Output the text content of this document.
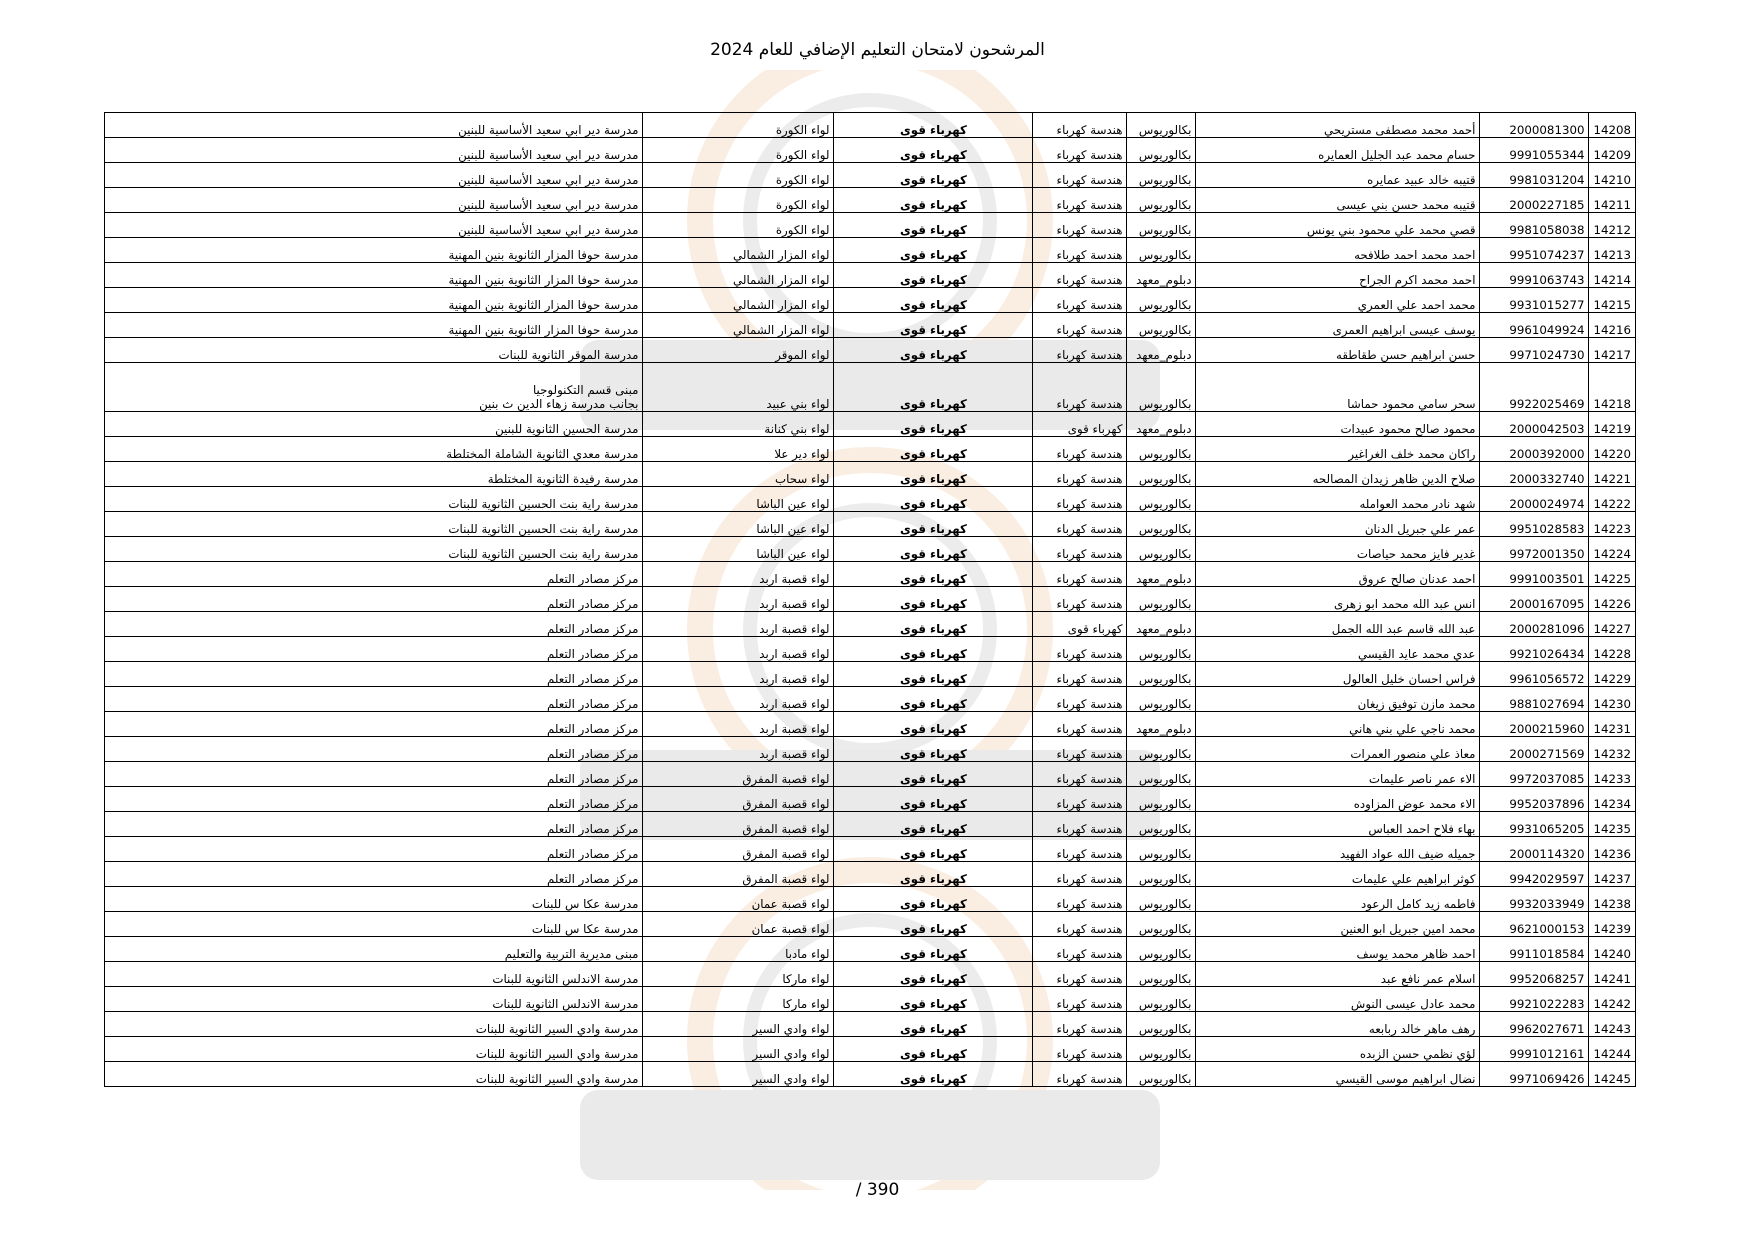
المرشحون لامتحان التعليم الإضافي للعام 2024
14208	2000081300	أحمد محمد مصطفى مستريحي	بكالوريوس	هندسة كهرباء	كهرباء قوى	لواء الكورة	مدرسة دير ابي سعيد الأساسية للبنين

14209	9991055344	حسام محمد عبد الجليل العمايره	بكالوريوس	هندسة كهرباء	كهرباء قوى	لواء الكورة	مدرسة دير ابي سعيد الأساسية للبنين

14210	9981031204	قتيبه خالد عبيد عمايره	بكالوريوس	هندسة كهرباء	كهرباء قوى	لواء الكورة	مدرسة دير ابي سعيد الأساسية للبنين

14211	2000227185	قتيبه محمد حسن بني عيسى	بكالوريوس	هندسة كهرباء	كهرباء قوى	لواء الكورة	مدرسة دير ابي سعيد الأساسية للبنين

14212	9981058038	قصي محمد علي محمود بني يونس	بكالوريوس	هندسة كهرباء	كهرباء قوى	لواء الكورة	مدرسة دير ابي سعيد الأساسية للبنين

14213	9951074237	احمد محمد احمد طلافحه	بكالوريوس	هندسة كهرباء	كهرباء قوى	لواء المزار الشمالي	مدرسة حوفا المزار الثانوية بنين المهنية

14214	9991063743	احمد محمد اكرم الجراح	دبلوم_معهد	هندسة كهرباء	كهرباء قوى	لواء المزار الشمالي	مدرسة حوفا المزار الثانوية بنين المهنية

14215	9931015277	محمد احمد علي العمري	بكالوريوس	هندسة كهرباء	كهرباء قوى	لواء المزار الشمالي	مدرسة حوفا المزار الثانوية بنين المهنية

14216	9961049924	يوسف عيسى ابراهيم العمرى	بكالوريوس	هندسة كهرباء	كهرباء قوى	لواء المزار الشمالي	مدرسة حوفا المزار الثانوية بنين المهنية

14217	9971024730	حسن ابراهيم حسن طقاطقه	دبلوم_معهد	هندسة كهرباء	كهرباء قوى	لواء الموقر	مدرسة الموقر الثانوية للبنات

14218	9922025469	سحر سامي محمود حماشا	بكالوريوس	هندسة كهرباء	كهرباء قوى	لواء بني عبيد	مبنى قسم التكنولوجيا
بجانب مدرسة زهاء الدين ث بنين

14219	2000042503	محمود صالح محمود عبيدات	دبلوم_معهد	كهرباء قوى	كهرباء قوى	لواء بني كنانة	مدرسة الحسين الثانوية للبنين

14220	2000392000	راكان محمد خلف الغراغير	بكالوريوس	هندسة كهرباء	كهرباء قوى	لواء دير علا	مدرسة معدي الثانوية الشاملة المختلطة

14221	2000332740	صلاح الدين ظاهر زيدان المصالحه	بكالوريوس	هندسة كهرباء	كهرباء قوى	لواء سحاب	مدرسة رفيدة الثانوية المختلطة

14222	2000024974	شهد نادر محمد العوامله	بكالوريوس	هندسة كهرباء	كهرباء قوى	لواء عين الباشا	مدرسة راية بنت الحسين الثانوية للبنات

14223	9951028583	عمر علي جبريل الدنان	بكالوريوس	هندسة كهرباء	كهرباء قوى	لواء عين الباشا	مدرسة راية بنت الحسين الثانوية للبنات

14224	9972001350	غدير فايز محمد حياصات	بكالوريوس	هندسة كهرباء	كهرباء قوى	لواء عين الباشا	مدرسة راية بنت الحسين الثانوية للبنات

14225	9991003501	احمد عدنان صالح عروق	دبلوم_معهد	هندسة كهرباء	كهرباء قوى	لواء قصبة اربد	مركز مصادر التعلم

14226	2000167095	انس عبد الله محمد ابو زهرى	بكالوريوس	هندسة كهرباء	كهرباء قوى	لواء قصبة اربد	مركز مصادر التعلم

14227	2000281096	عبد الله قاسم عبد الله الجمل	دبلوم_معهد	كهرباء قوى	كهرباء قوى	لواء قصبة اربد	مركز مصادر التعلم

14228	9921026434	عدي محمد عايد القيسي	بكالوريوس	هندسة كهرباء	كهرباء قوى	لواء قصبة اربد	مركز مصادر التعلم

14229	9961056572	فراس احسان خليل العالول	بكالوريوس	هندسة كهرباء	كهرباء قوى	لواء قصبة اربد	مركز مصادر التعلم

14230	9881027694	محمد مازن توفيق زيغان	بكالوريوس	هندسة كهرباء	كهرباء قوى	لواء قصبة اربد	مركز مصادر التعلم

14231	2000215960	محمد ناجي علي بني هاني	دبلوم_معهد	هندسة كهرباء	كهرباء قوى	لواء قصبة اربد	مركز مصادر التعلم

14232	2000271569	معاذ علي منصور العمرات	بكالوريوس	هندسة كهرباء	كهرباء قوى	لواء قصبة اربد	مركز مصادر التعلم

14233	9972037085	الاء عمر ناصر عليمات	بكالوريوس	هندسة كهرباء	كهرباء قوى	لواء قصبة المفرق	مركز مصادر التعلم

14234	9952037896	الاء محمد عوض المزاوده	بكالوريوس	هندسة كهرباء	كهرباء قوى	لواء قصبة المفرق	مركز مصادر التعلم

14235	9931065205	بهاء فلاح احمد العباس	بكالوريوس	هندسة كهرباء	كهرباء قوى	لواء قصبة المفرق	مركز مصادر التعلم

14236	2000114320	جميله ضيف الله عواد الفهيد	بكالوريوس	هندسة كهرباء	كهرباء قوى	لواء قصبة المفرق	مركز مصادر التعلم

14237	9942029597	كوثر ابراهيم علي عليمات	بكالوريوس	هندسة كهرباء	كهرباء قوى	لواء قصبة المفرق	مركز مصادر التعلم

14238	9932033949	فاطمه زيد كامل الرعود	بكالوريوس	هندسة كهرباء	كهرباء قوى	لواء قصبة عمان	مدرسة عكا س للبنات

14239	9621000153	محمد امين جبريل ابو العنين	بكالوريوس	هندسة كهرباء	كهرباء قوى	لواء قصبة عمان	مدرسة عكا س للبنات

14240	9911018584	احمد ظاهر محمد يوسف	بكالوريوس	هندسة كهرباء	كهرباء قوى	لواء مادبا	مبنى مديرية التربية والتعليم

14241	9952068257	اسلام عمر نافع عبد	بكالوريوس	هندسة كهرباء	كهرباء قوى	لواء ماركا	مدرسة الاندلس الثانوية للبنات

14242	9921022283	محمد عادل عيسى النوش	بكالوريوس	هندسة كهرباء	كهرباء قوى	لواء ماركا	مدرسة الاندلس الثانوية للبنات

14243	9962027671	رهف ماهر خالد ربابعه	بكالوريوس	هندسة كهرباء	كهرباء قوى	لواء وادي السير	مدرسة وادي السير الثانوية للبنات

14244	9991012161	لؤي نظمي حسن الزبده	بكالوريوس	هندسة كهرباء	كهرباء قوى	لواء وادي السير	مدرسة وادي السير الثانوية للبنات

14245	9971069426	نضال ابراهيم موسى القيسي	بكالوريوس	هندسة كهرباء	كهرباء قوى	لواء وادي السير	مدرسة وادي السير الثانوية للبنات
390 /
